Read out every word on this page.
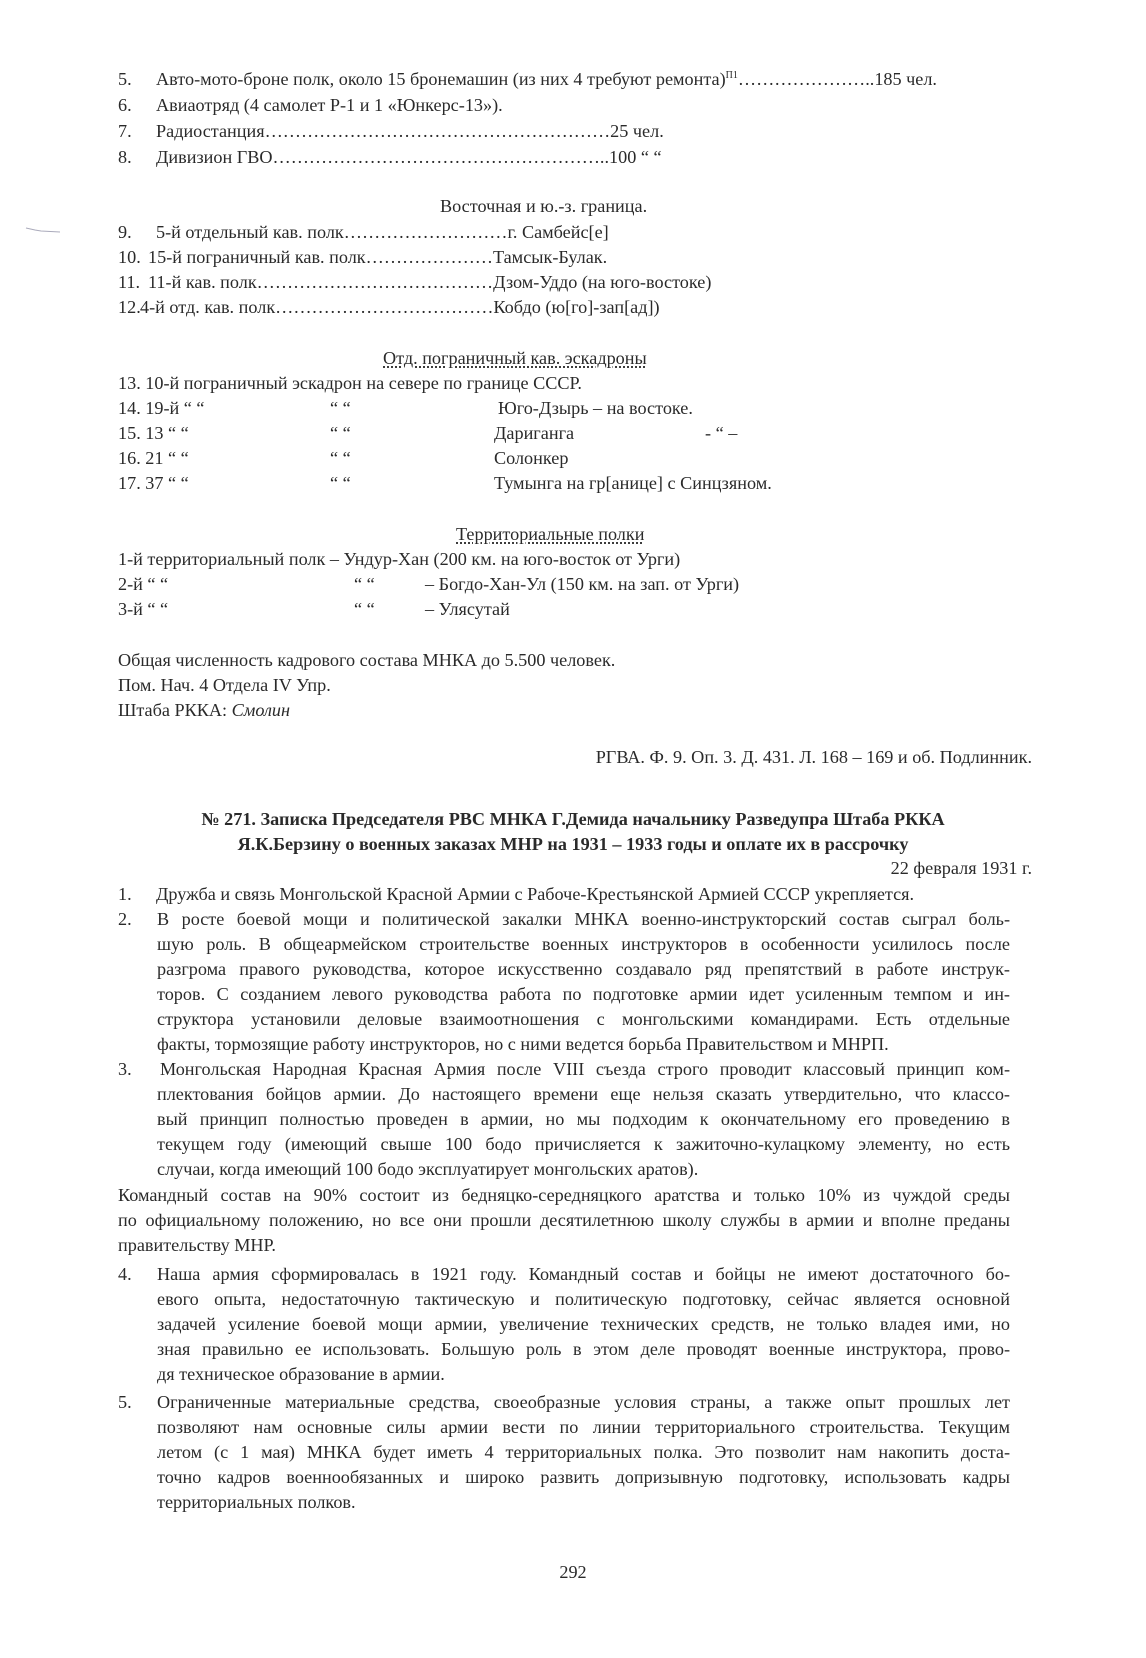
5. Авто-мото-броне полк, около 15 бронемашин (из них 4 требуют ремонта)$^{П1}$…………………..185 чел.
6. Авиаотряд (4 самолет Р-1 и 1 «Юнкерс-13»).
7. Радиостанция…………………………………………………25 чел.
8. Дивизион ГВО………………………………………………..100 “ “
Восточная и ю.-з. граница.
9. 5-й отдельный кав. полк………………………г. Самбейс[е]
10. 15-й пограничный кав. полк…………………Тамсык-Булак.
11. 11-й кав. полк…………………………………Дзом-Уддо (на юго-востоке)
12.4-й отд. кав. полк………………………………Кобдо (ю[го]-зап[ад])
Отд. пограничный кав. эскадроны
13. 10-й пограничный эскадрон на севере по границе СССР.
14. 19-й “ “	“ “	Юго-Дзырь – на востоке.
15. 13 “ “	“ “	Дариганга	- “ –
16. 21 “ “	“ “	Солонкер
17. 37 “ “	“ “	Тумынга на гр[анице] с Синцзяном.
Территориальные полки
1-й территориальный полк – Ундур-Хан (200 км. на юго-восток от Урги)
2-й “ “	“ “	– Богдо-Хан-Ул (150 км. на зап. от Урги)
3-й “ “	“ “	– Улясутай
Общая численность кадрового состава МНКА до 5.500 человек.
Пом. Нач. 4 Отдела IV Упр.
Штаба РККА: Смолин
РГВА. Ф. 9. Оп. 3. Д. 431. Л. 168 – 169 и об. Подлинник.
№ 271. Записка Председателя РВС МНКА Г.Демида начальнику Разведупра Штаба РККА
Я.К.Берзину о военных заказах МНР на 1931 – 1933 годы и оплате их в рассрочку
22 февраля 1931 г.
1. Дружба и связь Монгольской Красной Армии с Рабоче-Крестьянской Армией СССР укрепляется.
2. В росте боевой мощи и политической закалки МНКА военно-инструкторский состав сыграл боль-
шую роль. В общеармейском строительстве военных инструкторов в особенности усилилось после
разгрома правого руководства, которое искусственно создавало ряд препятствий в работе инструк-
торов. С созданием левого руководства работа по подготовке армии идет усиленным темпом и ин-
структора установили деловые взаимоотношения с монгольскими командирами. Есть отдельные
факты, тормозящие работу инструкторов, но с ними ведется борьба Правительством и МНРП.
3. Монгольская Народная Красная Армия после VIII съезда строго проводит классовый принцип ком-
плектования бойцов армии. До настоящего времени еще нельзя сказать утвердительно, что классо-
вый принцип полностью проведен в армии, но мы подходим к окончательному его проведению в
текущем году (имеющий свыше 100 бодо причисляется к зажиточно-кулацкому элементу, но есть
случаи, когда имеющий 100 бодо эксплуатирует монгольских аратов).
Командный состав на 90% состоит из бедняцко-середняцкого аратства и только 10% из чуждой среды
по официальному положению, но все они прошли десятилетнюю школу службы в армии и вполне преданы
правительству МНР.
4. Наша армия сформировалась в 1921 году. Командный состав и бойцы не имеют достаточного бо-
евого опыта, недостаточную тактическую и политическую подготовку, сейчас является основной
задачей усиление боевой мощи армии, увеличение технических средств, не только владея ими, но
зная правильно ее использовать. Большую роль в этом деле проводят военные инструктора, прово-
дя техническое образование в армии.
5. Ограниченные материальные средства, своеобразные условия страны, а также опыт прошлых лет
позволяют нам основные силы армии вести по линии территориального строительства. Текущим
летом (с 1 мая) МНКА будет иметь 4 территориальных полка. Это позволит нам накопить доста-
точно кадров военнообязанных и широко развить допризывную подготовку, использовать кадры
территориальных полков.
292
